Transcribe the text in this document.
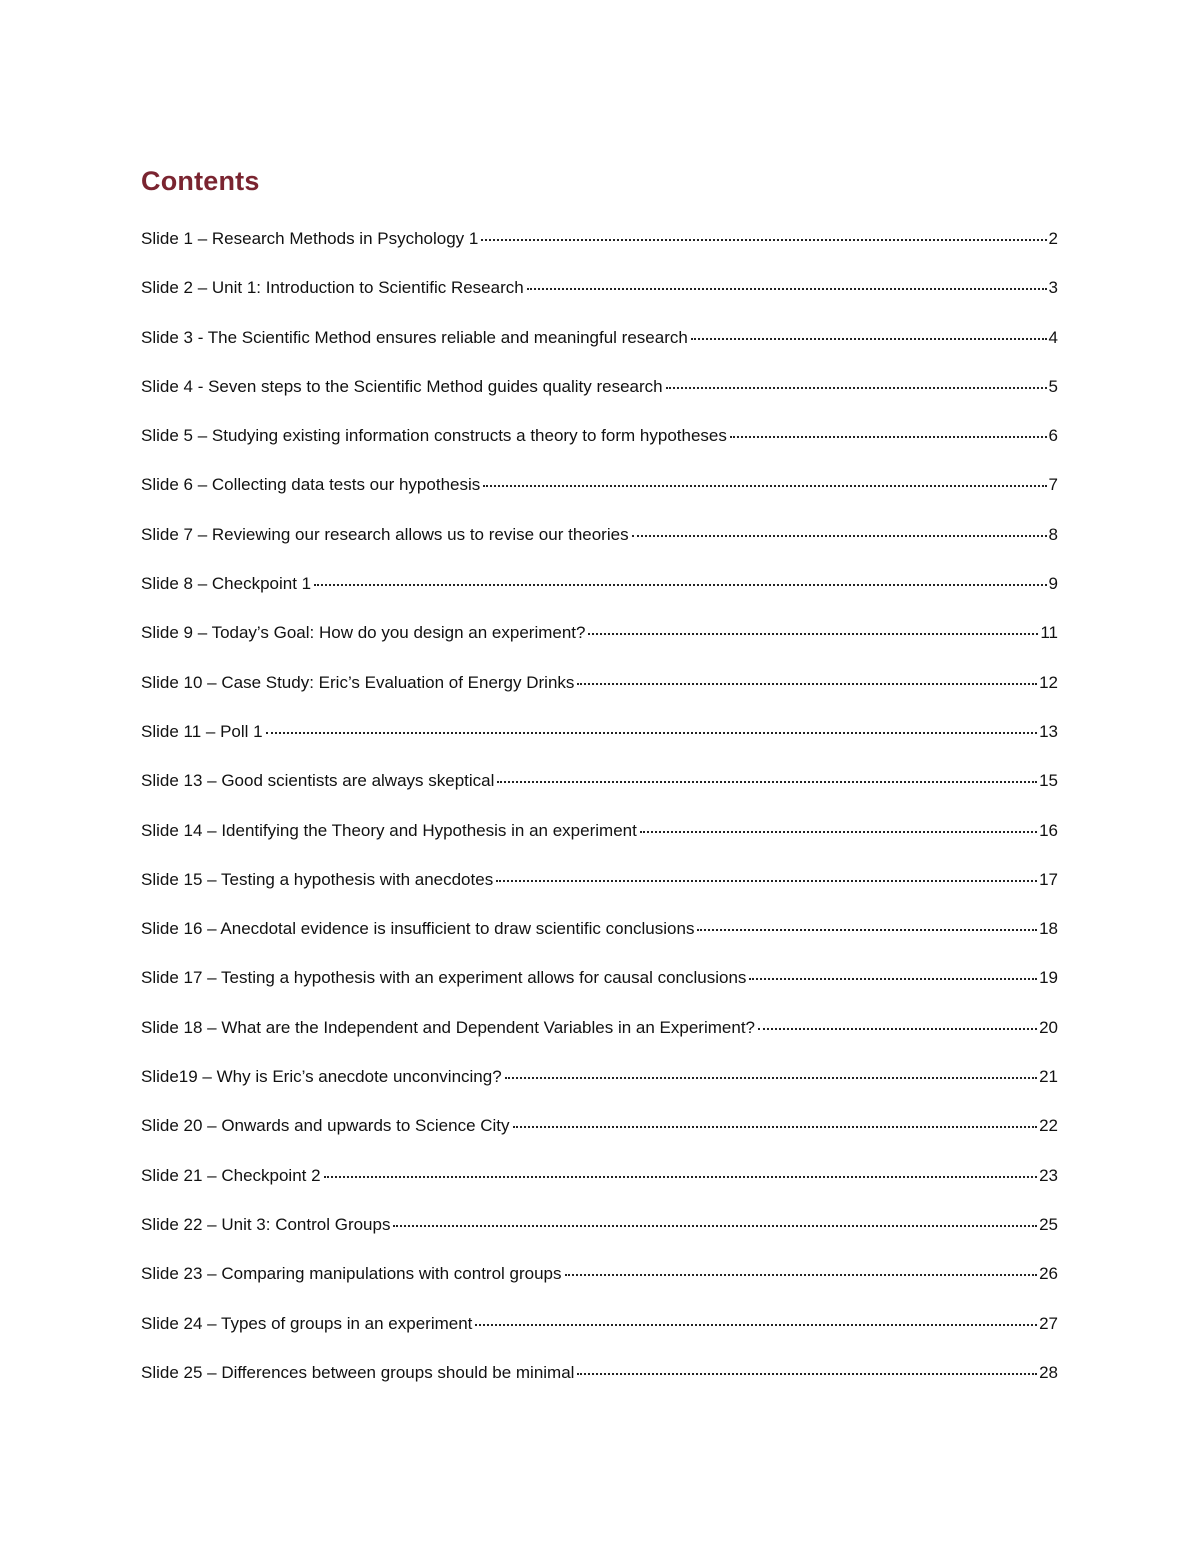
Contents
Slide 1 – Research Methods in Psychology 1	2
Slide 2 – Unit 1: Introduction to Scientific Research	3
Slide 3 - The Scientific Method ensures reliable and meaningful research	4
Slide 4 - Seven steps to the Scientific Method guides quality research	5
Slide 5 – Studying existing information constructs a theory to form hypotheses	6
Slide 6 – Collecting data tests our hypothesis	7
Slide 7 – Reviewing our research allows us to revise our theories	8
Slide 8 – Checkpoint 1	9
Slide 9 – Today’s Goal: How do you design an experiment?	11
Slide 10 – Case Study: Eric’s Evaluation of Energy Drinks	12
Slide 11 – Poll 1	13
Slide 13 – Good scientists are always skeptical	15
Slide 14 – Identifying the Theory and Hypothesis in an experiment	16
Slide 15 – Testing a hypothesis with anecdotes	17
Slide 16 – Anecdotal evidence is insufficient to draw scientific conclusions	18
Slide 17 – Testing a hypothesis with an experiment allows for causal conclusions	19
Slide 18 – What are the Independent and Dependent Variables in an Experiment?	20
Slide19 – Why is Eric’s anecdote unconvincing?	21
Slide 20 – Onwards and upwards to Science City	22
Slide 21 – Checkpoint 2	23
Slide 22 – Unit 3: Control Groups	25
Slide 23 – Comparing manipulations with control groups	26
Slide 24 – Types of groups in an experiment	27
Slide 25 – Differences between groups should be minimal	28
